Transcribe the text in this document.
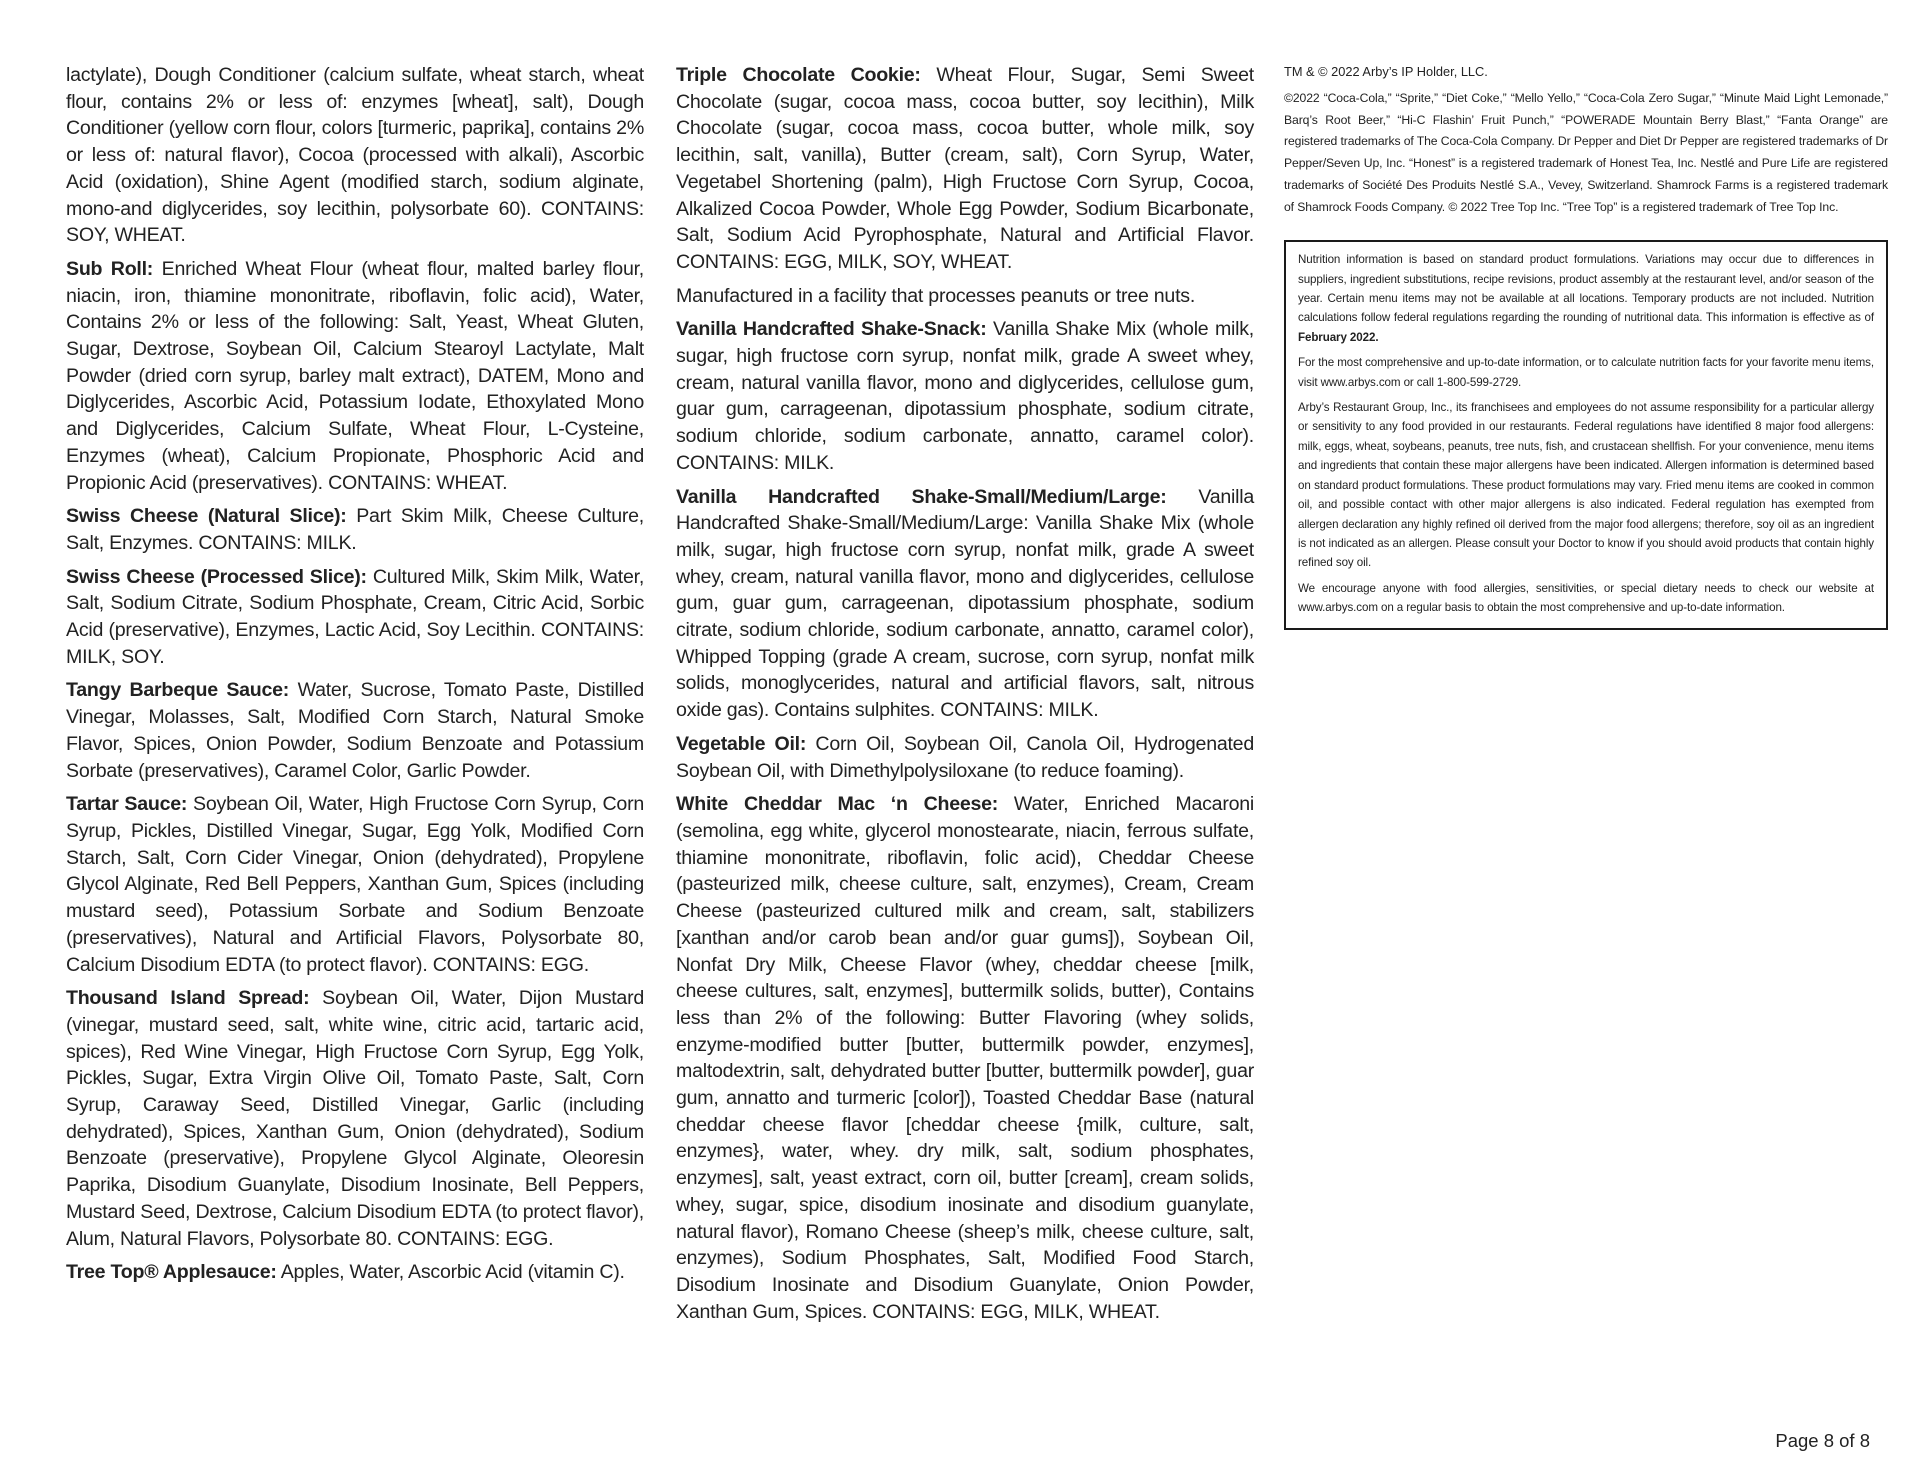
lactylate), Dough Conditioner (calcium sulfate, wheat starch, wheat flour, contains 2% or less of: enzymes [wheat], salt), Dough Conditioner (yellow corn flour, colors [turmeric, paprika], contains 2% or less of: natural flavor), Cocoa (processed with alkali), Ascorbic Acid (oxidation), Shine Agent (modified starch, sodium alginate, mono-and diglycerides, soy lecithin, polysorbate 60). CONTAINS: SOY, WHEAT.

Sub Roll: Enriched Wheat Flour (wheat flour, malted barley flour, niacin, iron, thiamine mononitrate, riboflavin, folic acid), Water, Contains 2% or less of the following: Salt, Yeast, Wheat Gluten, Sugar, Dextrose, Soybean Oil, Calcium Stearoyl Lactylate, Malt Powder (dried corn syrup, barley malt extract), DATEM, Mono and Diglycerides, Ascorbic Acid, Potassium Iodate, Ethoxylated Mono and Diglycerides, Calcium Sulfate, Wheat Flour, L-Cysteine, Enzymes (wheat), Calcium Propionate, Phosphoric Acid and Propionic Acid (preservatives). CONTAINS: WHEAT.

Swiss Cheese (Natural Slice): Part Skim Milk, Cheese Culture, Salt, Enzymes. CONTAINS: MILK.

Swiss Cheese (Processed Slice): Cultured Milk, Skim Milk, Water, Salt, Sodium Citrate, Sodium Phosphate, Cream, Citric Acid, Sorbic Acid (preservative), Enzymes, Lactic Acid, Soy Lecithin. CONTAINS: MILK, SOY.

Tangy Barbeque Sauce: Water, Sucrose, Tomato Paste, Distilled Vinegar, Molasses, Salt, Modified Corn Starch, Natural Smoke Flavor, Spices, Onion Powder, Sodium Benzoate and Potassium Sorbate (preservatives), Caramel Color, Garlic Powder.

Tartar Sauce: Soybean Oil, Water, High Fructose Corn Syrup, Corn Syrup, Pickles, Distilled Vinegar, Sugar, Egg Yolk, Modified Corn Starch, Salt, Corn Cider Vinegar, Onion (dehydrated), Propylene Glycol Alginate, Red Bell Peppers, Xanthan Gum, Spices (including mustard seed), Potassium Sorbate and Sodium Benzoate (preservatives), Natural and Artificial Flavors, Polysorbate 80, Calcium Disodium EDTA (to protect flavor). CONTAINS: EGG.

Thousand Island Spread: Soybean Oil, Water, Dijon Mustard (vinegar, mustard seed, salt, white wine, citric acid, tartaric acid, spices), Red Wine Vinegar, High Fructose Corn Syrup, Egg Yolk, Pickles, Sugar, Extra Virgin Olive Oil, Tomato Paste, Salt, Corn Syrup, Caraway Seed, Distilled Vinegar, Garlic (including dehydrated), Spices, Xanthan Gum, Onion (dehydrated), Sodium Benzoate (preservative), Propylene Glycol Alginate, Oleoresin Paprika, Disodium Guanylate, Disodium Inosinate, Bell Peppers, Mustard Seed, Dextrose, Calcium Disodium EDTA (to protect flavor), Alum, Natural Flavors, Polysorbate 80. CONTAINS: EGG.

Tree Top® Applesauce: Apples, Water, Ascorbic Acid (vitamin C).

Triple Chocolate Cookie: Wheat Flour, Sugar, Semi Sweet Chocolate (sugar, cocoa mass, cocoa butter, soy lecithin), Milk Chocolate (sugar, cocoa mass, cocoa butter, whole milk, soy lecithin, salt, vanilla), Butter (cream, salt), Corn Syrup, Water, Vegetabel Shortening (palm), High Fructose Corn Syrup, Cocoa, Alkalized Cocoa Powder, Whole Egg Powder, Sodium Bicarbonate, Salt, Sodium Acid Pyrophosphate, Natural and Artificial Flavor. CONTAINS: EGG, MILK, SOY, WHEAT.

Manufactured in a facility that processes peanuts or tree nuts.

Vanilla Handcrafted Shake-Snack: Vanilla Shake Mix (whole milk, sugar, high fructose corn syrup, nonfat milk, grade A sweet whey, cream, natural vanilla flavor, mono and diglycerides, cellulose gum, guar gum, carrageenan, dipotassium phosphate, sodium citrate, sodium chloride, sodium carbonate, annatto, caramel color). CONTAINS: MILK.

Vanilla Handcrafted Shake-Small/Medium/Large: Vanilla Handcrafted Shake-Small/Medium/Large: Vanilla Shake Mix (whole milk, sugar, high fructose corn syrup, nonfat milk, grade A sweet whey, cream, natural vanilla flavor, mono and diglycerides, cellulose gum, guar gum, carrageenan, dipotassium phosphate, sodium citrate, sodium chloride, sodium carbonate, annatto, caramel color), Whipped Topping (grade A cream, sucrose, corn syrup, nonfat milk solids, monoglycerides, natural and artificial flavors, salt, nitrous oxide gas). Contains sulphites. CONTAINS: MILK.

Vegetable Oil: Corn Oil, Soybean Oil, Canola Oil, Hydrogenated Soybean Oil, with Dimethylpolysiloxane (to reduce foaming).

White Cheddar Mac ‘n Cheese: Water, Enriched Macaroni (semolina, egg white, glycerol monostearate, niacin, ferrous sulfate, thiamine mononitrate, riboflavin, folic acid), Cheddar Cheese (pasteurized milk, cheese culture, salt, enzymes), Cream, Cream Cheese (pasteurized cultured milk and cream, salt, stabilizers [xanthan and/or carob bean and/or guar gums]), Soybean Oil, Nonfat Dry Milk, Cheese Flavor (whey, cheddar cheese [milk, cheese cultures, salt, enzymes], buttermilk solids, butter), Contains less than 2% of the following: Butter Flavoring (whey solids, enzyme-modified butter [butter, buttermilk powder, enzymes], maltodextrin, salt, dehydrated butter [butter, buttermilk powder], guar gum, annatto and turmeric [color]), Toasted Cheddar Base (natural cheddar cheese flavor [cheddar cheese {milk, culture, salt, enzymes}, water, whey. dry milk, salt, sodium phosphates, enzymes], salt, yeast extract, corn oil, butter [cream], cream solids, whey, sugar, spice, disodium inosinate and disodium guanylate, natural flavor), Romano Cheese (sheep’s milk, cheese culture, salt, enzymes), Sodium Phosphates, Salt, Modified Food Starch, Disodium Inosinate and Disodium Guanylate, Onion Powder, Xanthan Gum, Spices. CONTAINS: EGG, MILK, WHEAT.

TM & © 2022 Arby’s IP Holder, LLC.

©2022 “Coca-Cola,” “Sprite,” “Diet Coke,” “Mello Yello,” “Coca-Cola Zero Sugar,” “Minute Maid Light Lemonade,” Barq’s Root Beer,” “Hi-C Flashin’ Fruit Punch,” “POWERADE Mountain Berry Blast,” “Fanta Orange” are registered trademarks of The Coca-Cola Company. Dr Pepper and Diet Dr Pepper are registered trademarks of Dr Pepper/Seven Up, Inc. “Honest” is a registered trademark of Honest Tea, Inc. Nestlé and Pure Life are registered trademarks of Société Des Produits Nestlé S.A., Vevey, Switzerland. Shamrock Farms is a registered trademark of Shamrock Foods Company. © 2022 Tree Top Inc. “Tree Top” is a registered trademark of Tree Top Inc.

Nutrition information is based on standard product formulations. Variations may occur due to differences in suppliers, ingredient substitutions, recipe revisions, product assembly at the restaurant level, and/or season of the year. Certain menu items may not be available at all locations. Temporary products are not included. Nutrition calculations follow federal regulations regarding the rounding of nutritional data. This information is effective as of February 2022.

For the most comprehensive and up-to-date information, or to calculate nutrition facts for your favorite menu items, visit www.arbys.com or call 1-800-599-2729.

Arby’s Restaurant Group, Inc., its franchisees and employees do not assume responsibility for a particular allergy or sensitivity to any food provided in our restaurants. Federal regulations have identified 8 major food allergens: milk, eggs, wheat, soybeans, peanuts, tree nuts, fish, and crustacean shellfish. For your convenience, menu items and ingredients that contain these major allergens have been indicated. Allergen information is determined based on standard product formulations. These product formulations may vary. Fried menu items are cooked in common oil, and possible contact with other major allergens is also indicated. Federal regulation has exempted from allergen declaration any highly refined oil derived from the major food allergens; therefore, soy oil as an ingredient is not indicated as an allergen. Please consult your Doctor to know if you should avoid products that contain highly refined soy oil.

We encourage anyone with food allergies, sensitivities, or special dietary needs to check our website at www.arbys.com on a regular basis to obtain the most comprehensive and up-to-date information.

Page 8 of 8
